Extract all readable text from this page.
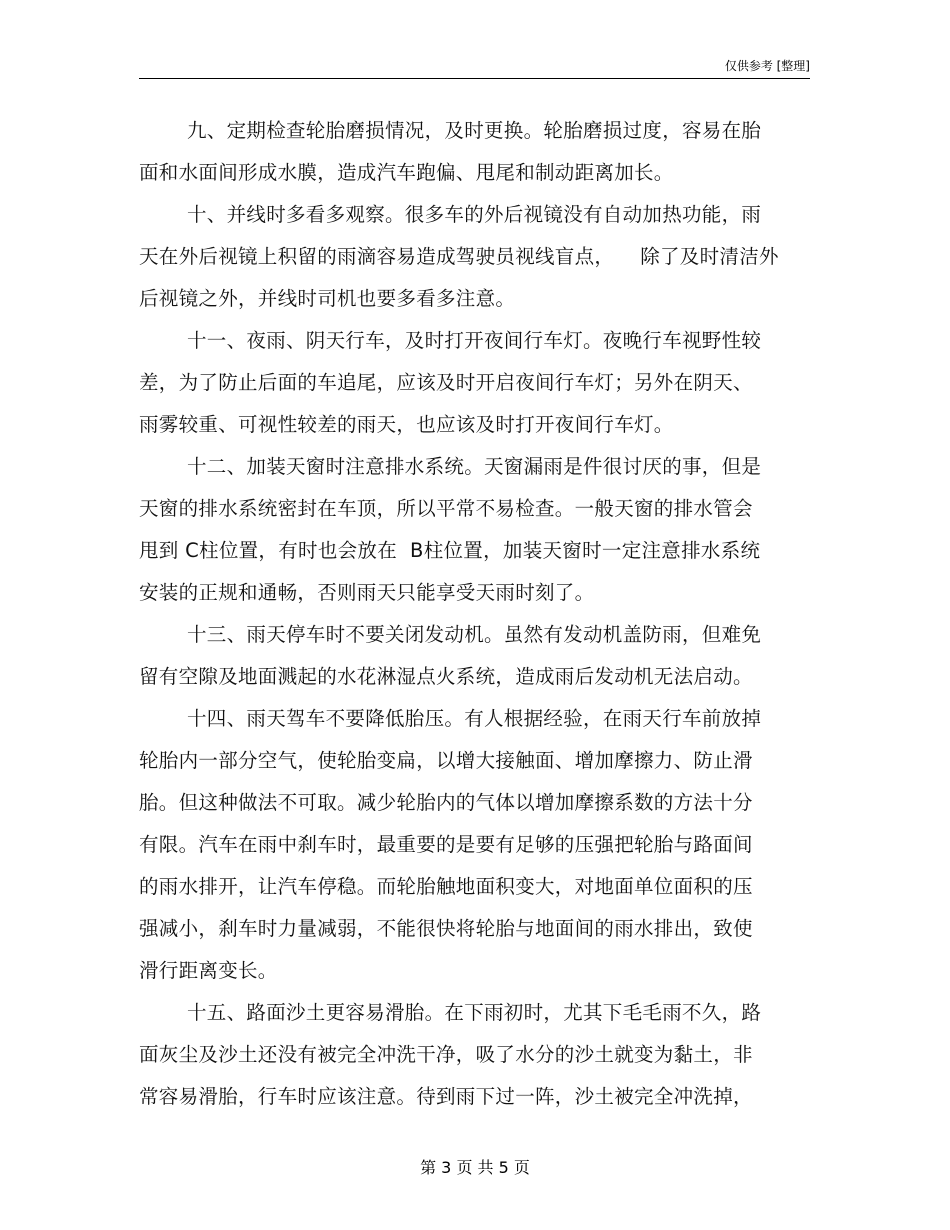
仅供参考 [整理]
九、定期检查轮胎磨损情况，及时更换。轮胎磨损过度，容易在胎
面和水面间形成水膜，造成汽车跑偏、甩尾和制动距离加长。
十、并线时多看多观察。很多车的外后视镜没有自动加热功能，雨
天在外后视镜上积留的雨滴容易造成驾驶员视线盲点，    除了及时清洁外
后视镜之外，并线时司机也要多看多注意。
十一、夜雨、阴天行车，及时打开夜间行车灯。夜晚行车视野性较
差，为了防止后面的车追尾，应该及时开启夜间行车灯；另外在阴天、
雨雾较重、可视性较差的雨天，也应该及时打开夜间行车灯。
十二、加装天窗时注意排水系统。天窗漏雨是件很讨厌的事，但是
天窗的排水系统密封在车顶，所以平常不易检查。一般天窗的排水管会
甩到 C柱位置，有时也会放在  B柱位置，加装天窗时一定注意排水系统
安装的正规和通畅，否则雨天只能享受天雨时刻了。
十三、雨天停车时不要关闭发动机。虽然有发动机盖防雨，但难免
留有空隙及地面溅起的水花淋湿点火系统，造成雨后发动机无法启动。
十四、雨天驾车不要降低胎压。有人根据经验，在雨天行车前放掉
轮胎内一部分空气，使轮胎变扁，以增大接触面、增加摩擦力、防止滑
胎。但这种做法不可取。减少轮胎内的气体以增加摩擦系数的方法十分
有限。汽车在雨中刹车时，最重要的是要有足够的压强把轮胎与路面间
的雨水排开，让汽车停稳。而轮胎触地面积变大，对地面单位面积的压
强减小，刹车时力量减弱，不能很快将轮胎与地面间的雨水排出，致使
滑行距离变长。
十五、路面沙土更容易滑胎。在下雨初时，尤其下毛毛雨不久，路
面灰尘及沙土还没有被完全冲洗干净，吸了水分的沙土就变为黏土，非
常容易滑胎，行车时应该注意。待到雨下过一阵，沙土被完全冲洗掉，
第 3 页 共 5 页
